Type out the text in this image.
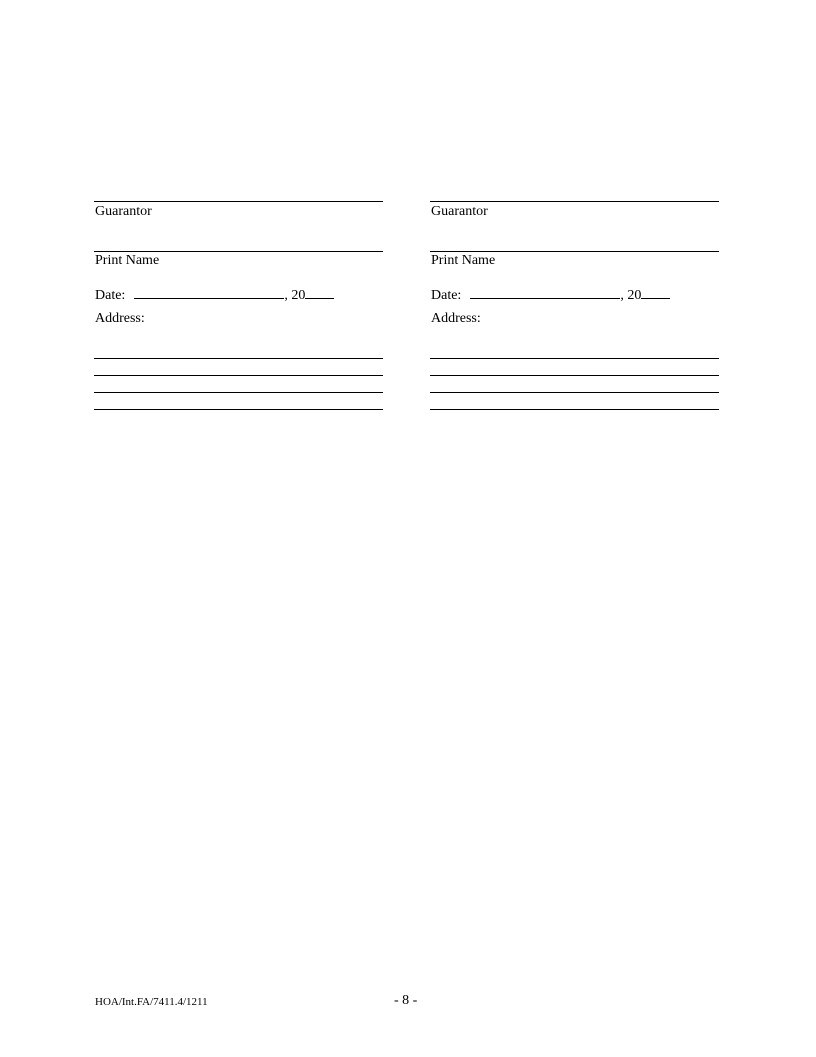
Guarantor
Print Name
Date:	, 20
Address:
Guarantor
Print Name
Date:	, 20
Address:
HOA/Int.FA/7411.4/1211	- 8 -
